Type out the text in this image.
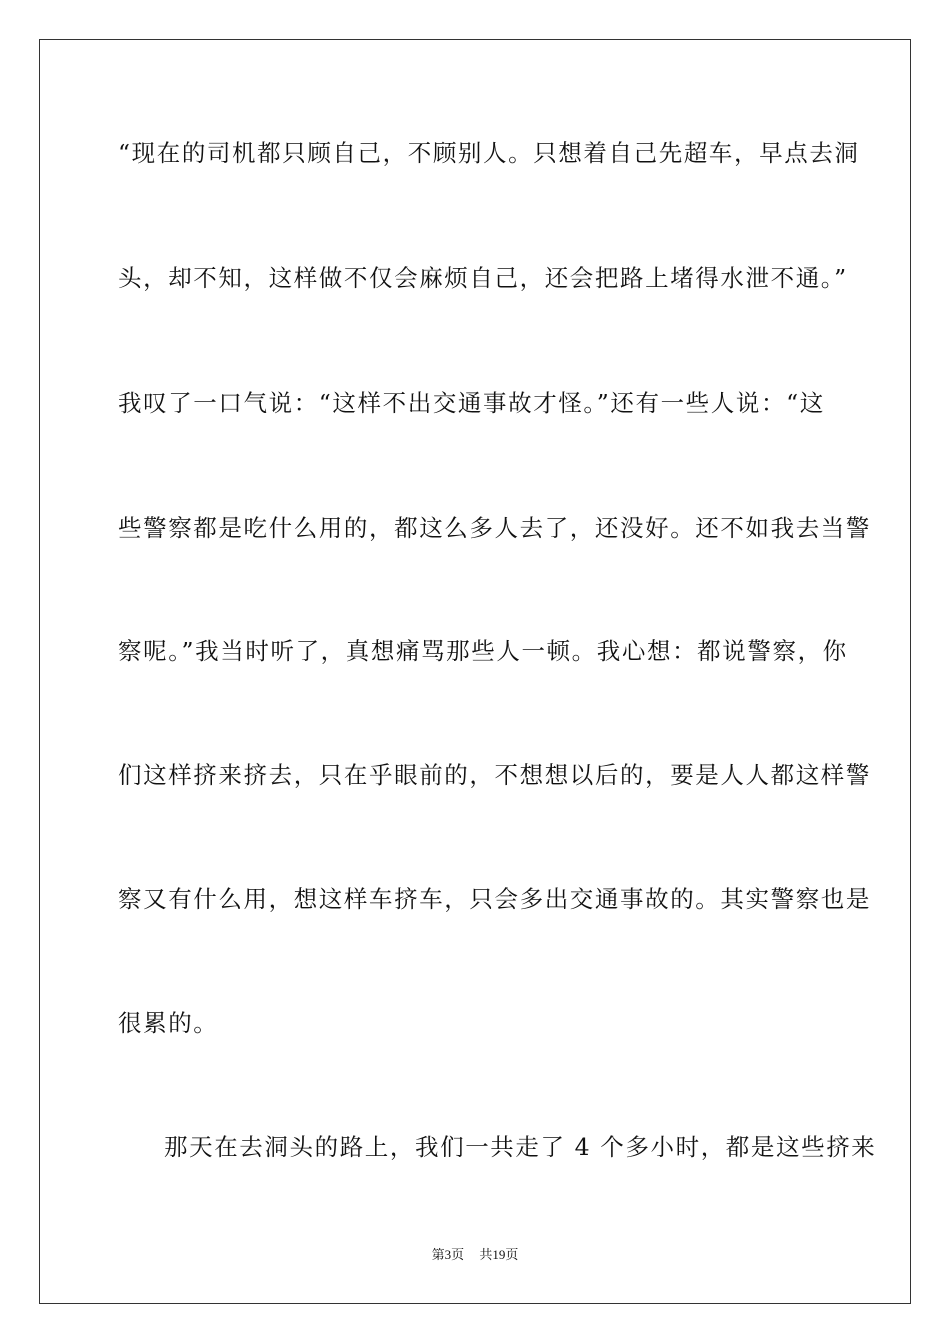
“现在的司机都只顾自己，不顾别人。只想着自己先超车，早点去洞
头，却不知，这样做不仅会麻烦自己，还会把路上堵得水泄不通。”
我叹了一口气说：“这样不出交通事故才怪。”还有一些人说：“这
些警察都是吃什么用的，都这么多人去了，还没好。还不如我去当警
察呢。”我当时听了，真想痛骂那些人一顿。我心想：都说警察，你
们这样挤来挤去，只在乎眼前的，不想想以后的，要是人人都这样警
察又有什么用，想这样车挤车，只会多出交通事故的。其实警察也是
很累的。
那天在去洞头的路上，我们一共走了 4 个多小时，都是这些挤来
第3页 共19页
